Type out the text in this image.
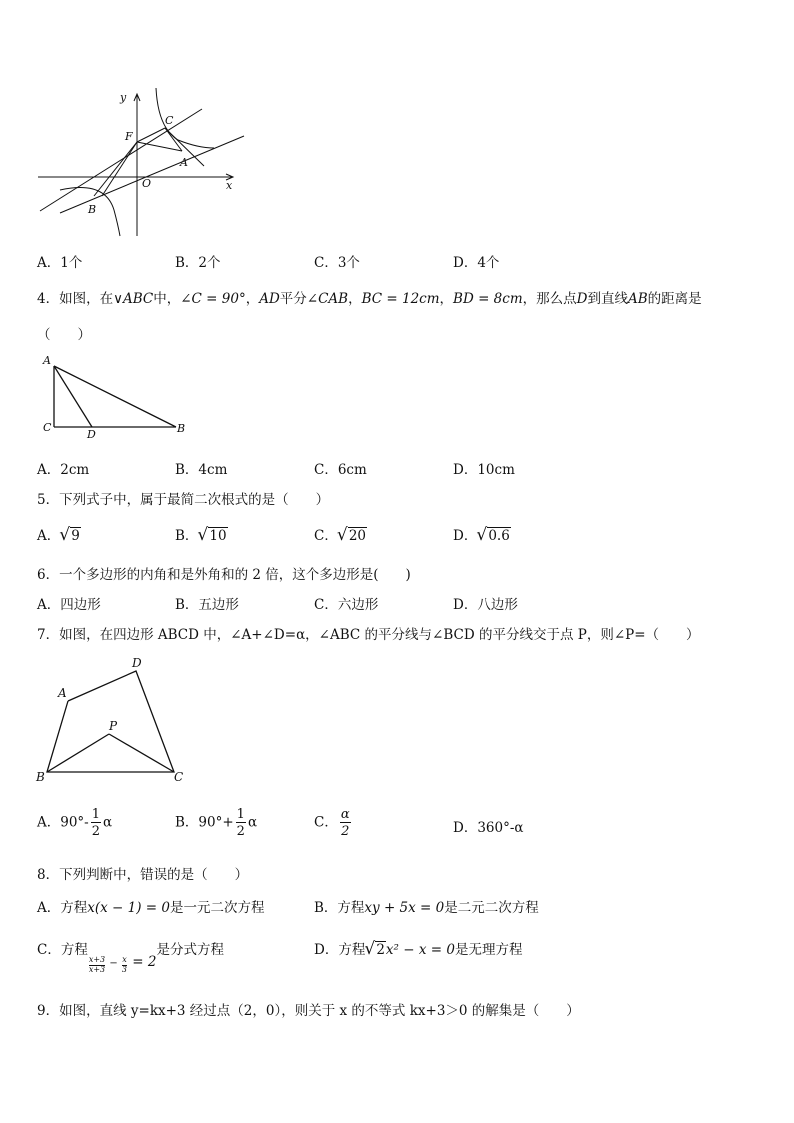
y
x
O
F
C
A
B
A．1个	B．2个	C．3个	D．4个
4．如图，在∨ABC中，∠C = 90°，AD平分∠CAB，BC = 12cm，BD = 8cm，那么点D到直线AB的距离是
（　　）
A
C
D	B
A．2cm	B．4cm	C．6cm	D．10cm
5．下列式子中，属于最简二次根式的是（　　）
A． √ 9	B． √ 10	C． √ 20	D． √ 0.6
6．一个多边形的内角和是外角和的 2 倍，这个多边形是(　　)
A．四边形	B．五边形	C．六边形	D．八边形
7．如图，在四边形 ABCD 中，∠A+∠D=α，∠ABC 的平分线与∠BCD 的平分线交于点 P，则∠P=（　　）
A
D
P
B	C
A．$90^\circ- \frac{1}{2}$ α	B．$90^\circ+ \frac{1}{2}$ α	C． $\frac{\alpha}{2}$	D．360°-α
8．下列判断中，错误的是（　　）
A．方程x(x − 1) = 0是一元二次方程	B．方程xy + 5x = 0是二元二次方程
C．方程
$\frac{x+3}{x+3} _- \frac{x}{3} = 2$是分式方程	D．方程 √ 2x² − x = 0是无理方程
9．如图，直线 y=kx+3 经过点（2，0），则关于 x 的不等式 kx+3＞0 的解集是（　　）
